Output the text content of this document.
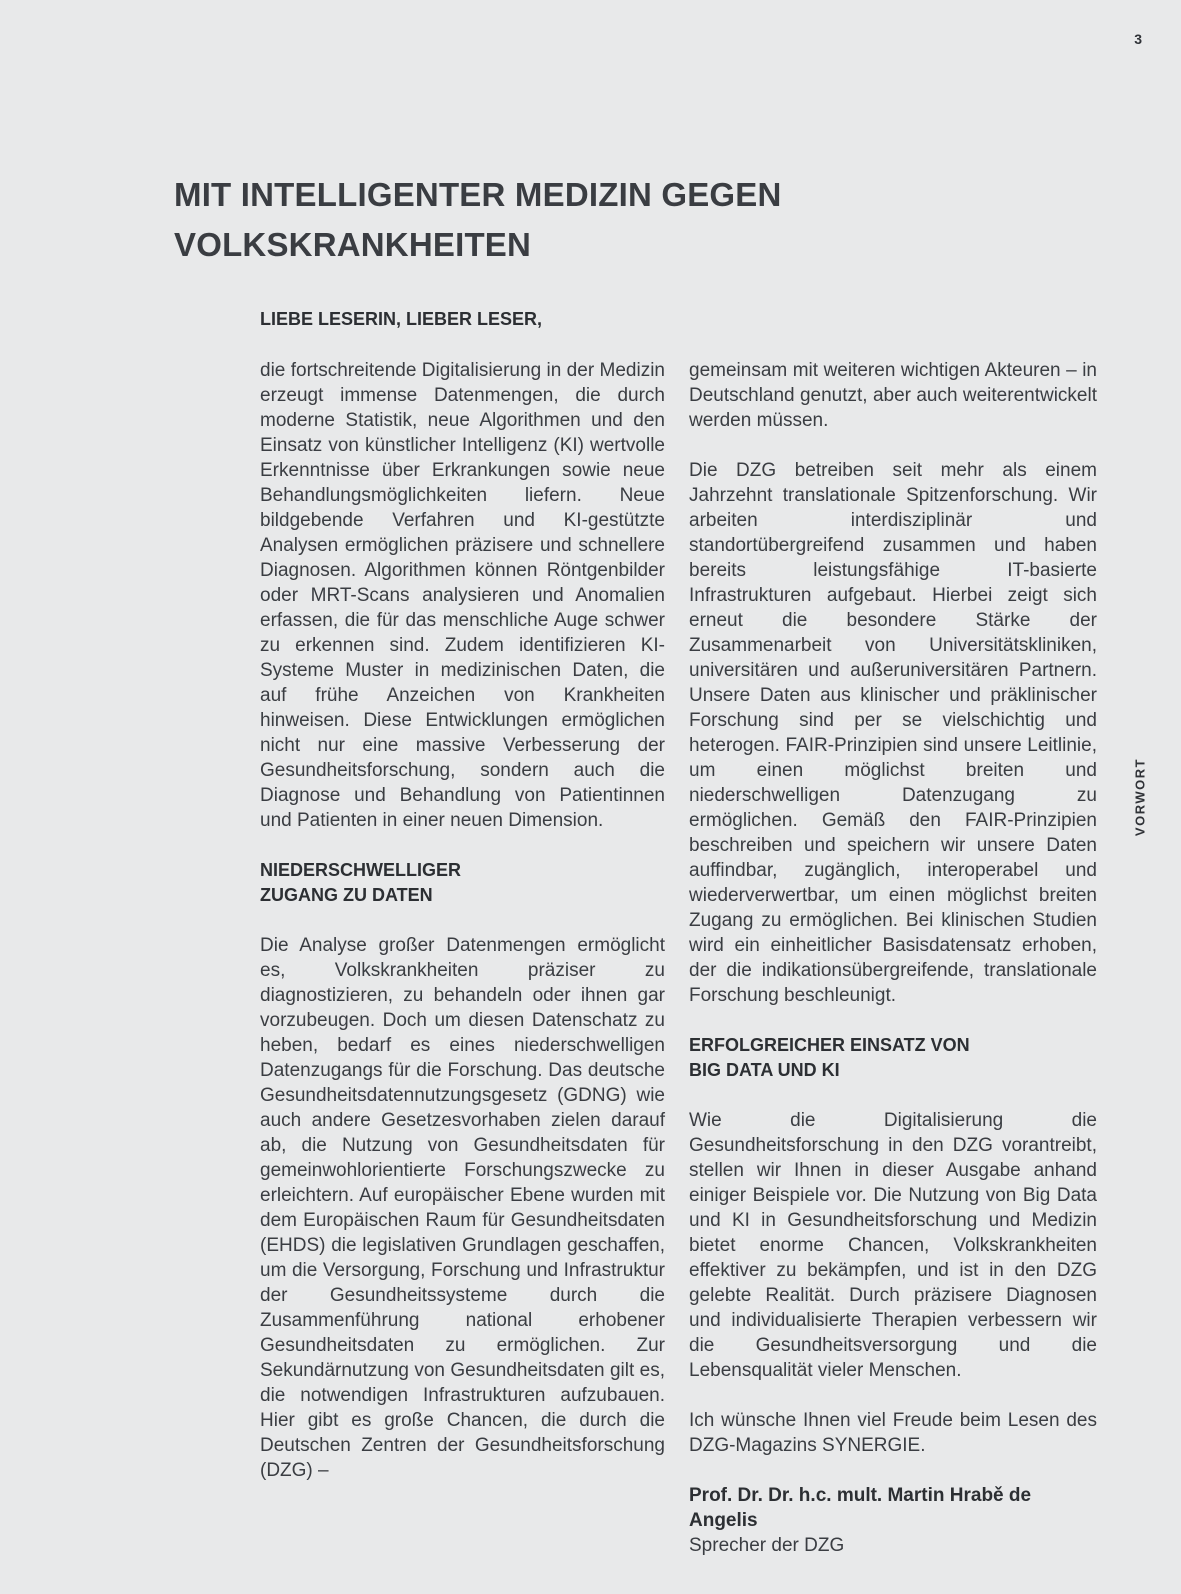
3
MIT INTELLIGENTER MEDIZIN GEGEN VOLKSKRANKHEITEN
LIEBE LESERIN, LIEBER LESER,

die fortschreitende Digitalisierung in der Medizin erzeugt immense Datenmengen, die durch moderne Statistik, neue Algorithmen und den Einsatz von künstlicher Intelligenz (KI) wertvolle Erkenntnisse über Erkrankungen sowie neue Behandlungsmöglichkeiten liefern. Neue bildgebende Verfahren und KI-gestützte Analysen ermöglichen präzisere und schnellere Diagnosen. Algorithmen können Röntgenbilder oder MRT-Scans analysieren und Anomalien erfassen, die für das menschliche Auge schwer zu erkennen sind. Zudem identifizieren KI-Systeme Muster in medizinischen Daten, die auf frühe Anzeichen von Krankheiten hinweisen. Diese Entwicklungen ermöglichen nicht nur eine massive Verbesserung der Gesundheitsforschung, sondern auch die Diagnose und Behandlung von Patientinnen und Patienten in einer neuen Dimension.

NIEDERSCHWELLIGER
ZUGANG ZU DATEN

Die Analyse großer Datenmengen ermöglicht es, Volkskrankheiten präziser zu diagnostizieren, zu behandeln oder ihnen gar vorzubeugen. Doch um diesen Datenschatz zu heben, bedarf es eines niederschwelligen Datenzugangs für die Forschung. Das deutsche Gesundheitsdatennutzungsgesetz (GDNG) wie auch andere Gesetzesvorhaben zielen darauf ab, die Nutzung von Gesundheitsdaten für gemeinwohlorientierte Forschungszwecke zu erleichtern. Auf europäischer Ebene wurden mit dem Europäischen Raum für Gesundheitsdaten (EHDS) die legislativen Grundlagen geschaffen, um die Versorgung, Forschung und Infrastruktur der Gesundheitssysteme durch die Zusammenführung national erhobener Gesundheitsdaten zu ermöglichen. Zur Sekundärnutzung von Gesundheitsdaten gilt es, die notwendigen Infrastrukturen aufzubauen. Hier gibt es große Chancen, die durch die Deutschen Zentren der Gesundheitsforschung (DZG) –

gemeinsam mit weiteren wichtigen Akteuren – in Deutschland genutzt, aber auch weiterentwickelt werden müssen.

Die DZG betreiben seit mehr als einem Jahrzehnt translationale Spitzenforschung. Wir arbeiten interdisziplinär und standortübergreifend zusammen und haben bereits leistungsfähige IT-basierte Infrastrukturen aufgebaut. Hierbei zeigt sich erneut die besondere Stärke der Zusammenarbeit von Universitätskliniken, universitären und außeruniversitären Partnern. Unsere Daten aus klinischer und präklinischer Forschung sind per se vielschichtig und heterogen. FAIR-Prinzipien sind unsere Leitlinie, um einen möglichst breiten und niederschwelligen Datenzugang zu ermöglichen. Gemäß den FAIR-Prinzipien beschreiben und speichern wir unsere Daten auffindbar, zugänglich, interoperabel und wiederverwertbar, um einen möglichst breiten Zugang zu ermöglichen. Bei klinischen Studien wird ein einheitlicher Basisdatensatz erhoben, der die indikationsübergreifende, translationale Forschung beschleunigt.

ERFOLGREICHER EINSATZ VON
BIG DATA UND KI

Wie die Digitalisierung die Gesundheitsforschung in den DZG vorantreibt, stellen wir Ihnen in dieser Ausgabe anhand einiger Beispiele vor. Die Nutzung von Big Data und KI in Gesundheitsforschung und Medizin bietet enorme Chancen, Volkskrankheiten effektiver zu bekämpfen, und ist in den DZG gelebte Realität. Durch präzisere Diagnosen und individualisierte Therapien verbessern wir die Gesundheitsversorgung und die Lebensqualität vieler Menschen.

Ich wünsche Ihnen viel Freude beim Lesen des DZG-Magazins SYNERGIE.

Prof. Dr. Dr. h.c. mult. Martin Hrabě de Angelis
Sprecher der DZG
VORWORT
